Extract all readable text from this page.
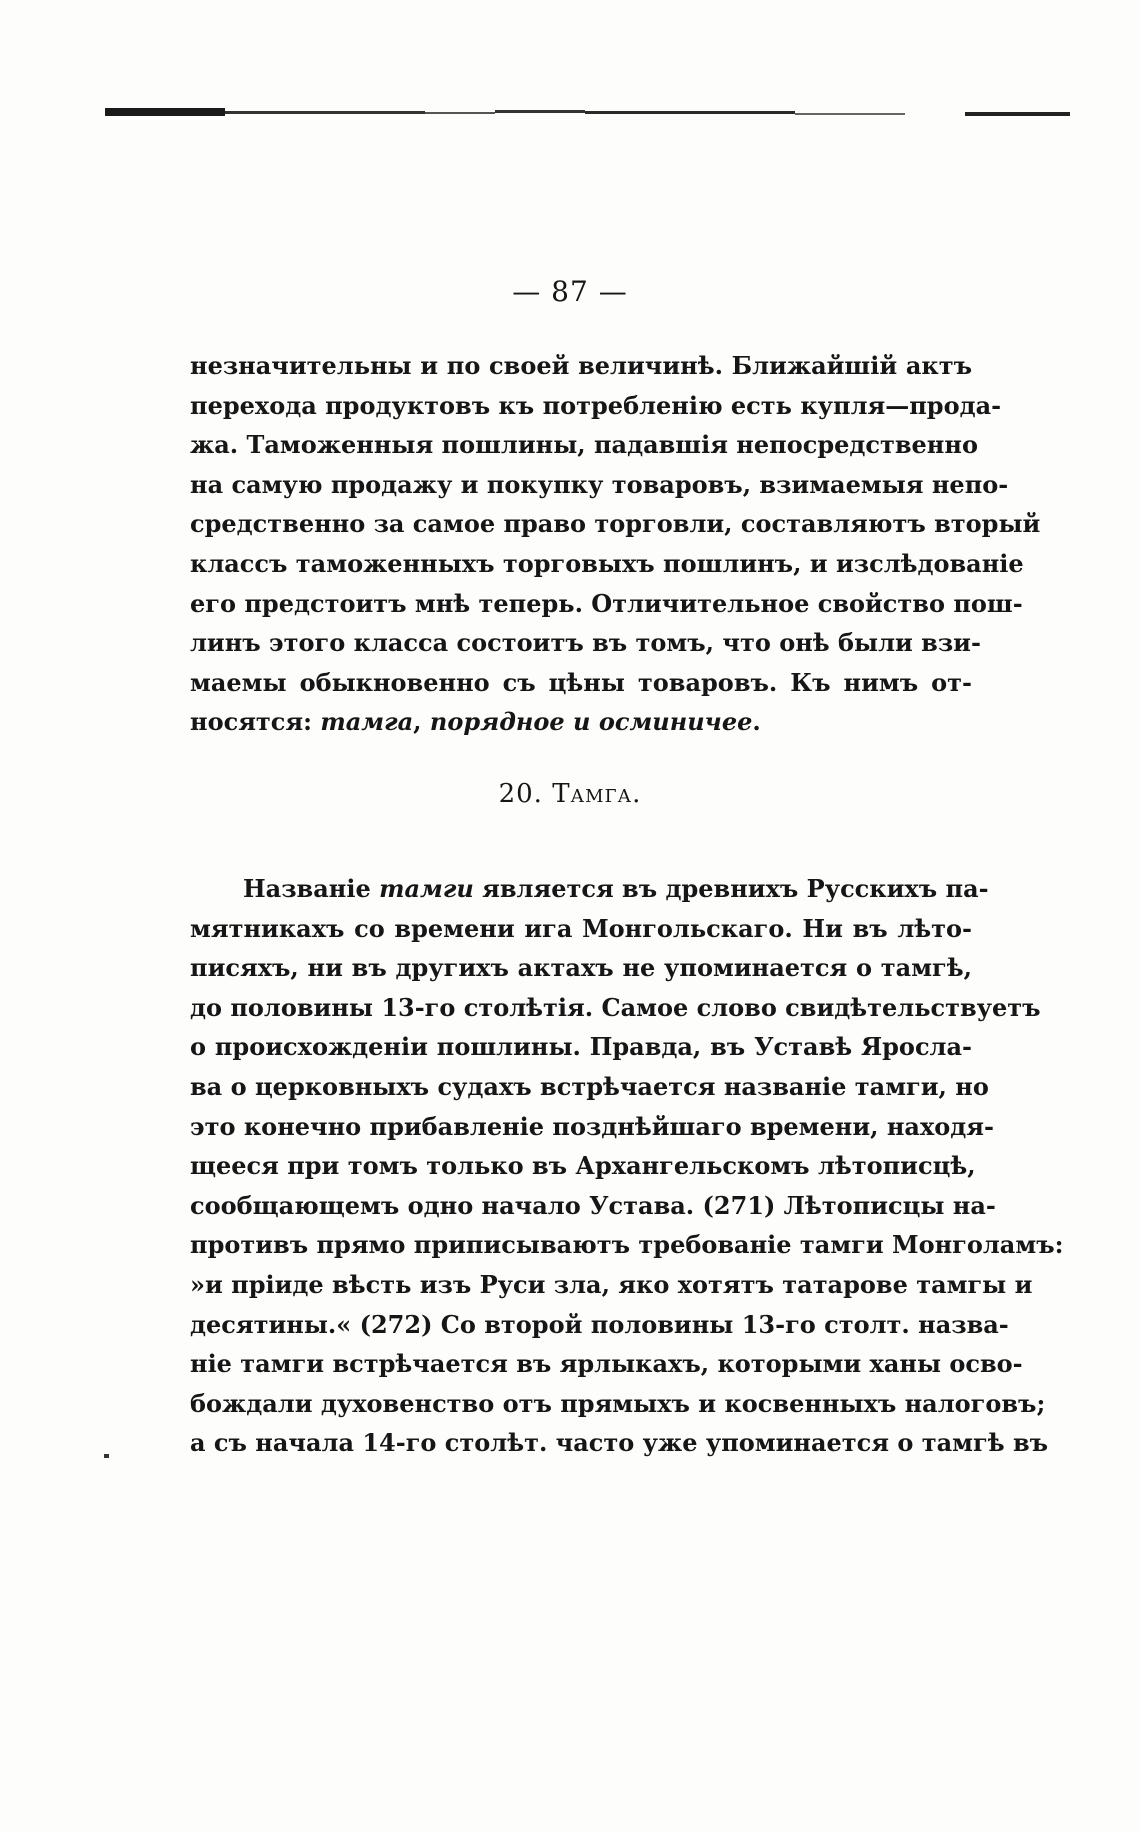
— 87 —
незначительны и по своей величинѣ. Ближайшій актъ
перехода продуктовъ къ потребленію есть купля—прода-
жа. Таможенныя пошлины, падавшія непосредственно
на самую продажу и покупку товаровъ, взимаемыя непо-
средственно за самое право торговли, составляютъ вторый
классъ таможенныхъ торговыхъ пошлинъ, и изслѣдованіе
его предстоитъ мнѣ теперь. Отличительное свойство пош-
линъ этого класса состоитъ въ томъ, что онѣ были взи-
маемы обыкновенно съ цѣны товаровъ. Къ нимъ от-
носятся: тамга, порядное и осминичее.
20. Тамга.
Названіе тамги является въ древнихъ Русскихъ па-
мятникахъ со времени ига Монгольскаго. Ни въ лѣто-
писяхъ, ни въ другихъ актахъ не упоминается о тамгѣ,
до половины 13-го столѣтія. Самое слово свидѣтельствуетъ
о происхожденіи пошлины. Правда, въ Уставѣ Яросла-
ва о церковныхъ судахъ встрѣчается названіе тамги, но
это конечно прибавленіе позднѣйшаго времени, находя-
щееся при томъ только въ Архангельскомъ лѣтописцѣ,
сообщающемъ одно начало Устава. (271) Лѣтописцы на-
противъ прямо приписываютъ требованіе тамги Монголамъ:
»и пріиде вѣсть изъ Руси зла, яко хотятъ татарове тамгы и
десятины.« (272) Со второй половины 13-го столт. назва-
ніе тамги встрѣчается въ ярлыкахъ, которыми ханы осво-
бождали духовенство отъ прямыхъ и косвенныхъ налоговъ;
а съ начала 14-го столѣт. часто уже упоминается о тамгѣ въ
